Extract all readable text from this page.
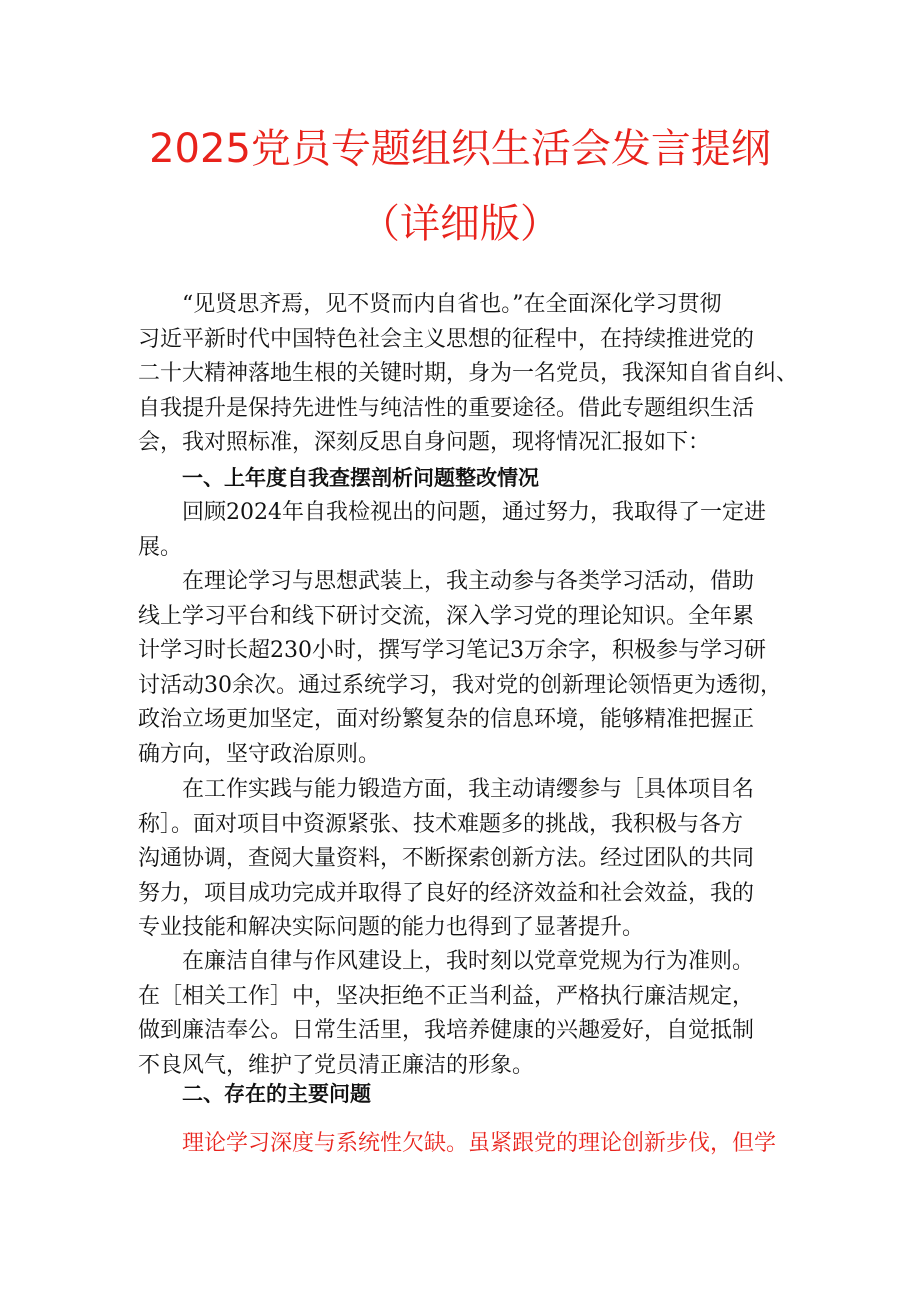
2025党员专题组织生活会发言提纲
（详细版）
“见贤思齐焉，见不贤而内自省也。”在全面深化学习贯彻
习近平新时代中国特色社会主义思想的征程中，在持续推进党的
二十大精神落地生根的关键时期，身为一名党员，我深知自省自纠、
自我提升是保持先进性与纯洁性的重要途径。借此专题组织生活
会，我对照标准，深刻反思自身问题，现将情况汇报如下：
一、上年度自我查摆剖析问题整改情况
回顾2024年自我检视出的问题，通过努力，我取得了一定进
展。
在理论学习与思想武装上，我主动参与各类学习活动，借助
线上学习平台和线下研讨交流，深入学习党的理论知识。全年累
计学习时长超230小时，撰写学习笔记3万余字，积极参与学习研
讨活动30余次。通过系统学习，我对党的创新理论领悟更为透彻，
政治立场更加坚定，面对纷繁复杂的信息环境，能够精准把握正
确方向，坚守政治原则。
在工作实践与能力锻造方面，我主动请缨参与［具体项目名
称］。面对项目中资源紧张、技术难题多的挑战，我积极与各方
沟通协调，查阅大量资料，不断探索创新方法。经过团队的共同
努力，项目成功完成并取得了良好的经济效益和社会效益，我的
专业技能和解决实际问题的能力也得到了显著提升。
在廉洁自律与作风建设上，我时刻以党章党规为行为准则。
在［相关工作］中，坚决拒绝不正当利益，严格执行廉洁规定，
做到廉洁奉公。日常生活里，我培养健康的兴趣爱好，自觉抵制
不良风气，维护了党员清正廉洁的形象。
二、存在的主要问题
理论学习深度与系统性欠缺。虽紧跟党的理论创新步伐，但学
